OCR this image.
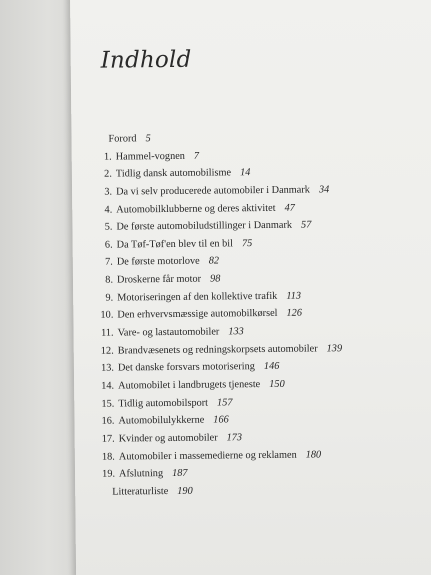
Indhold
Forord 5
1. Hammel-vognen 7
2. Tidlig dansk automobilisme 14
3. Da vi selv producerede automobiler i Danmark 34
4. Automobilklubberne og deres aktivitet 47
5. De første automobiludstillinger i Danmark 57
6. Da Tøf-Tøf'en blev til en bil 75
7. De første motorlove 82
8. Droskerne får motor 98
9. Motoriseringen af den kollektive trafik 113
10. Den erhvervsmæssige automobilkørsel 126
11. Vare- og lastautomobiler 133
12. Brandvæsenets og redningskorpsets automobiler 139
13. Det danske forsvars motorisering 146
14. Automobilet i landbrugets tjeneste 150
15. Tidlig automobilsport 157
16. Automobilulykkerne 166
17. Kvinder og automobiler 173
18. Automobiler i massemedierne og reklamen 180
19. Afslutning 187
Litteraturliste 190
